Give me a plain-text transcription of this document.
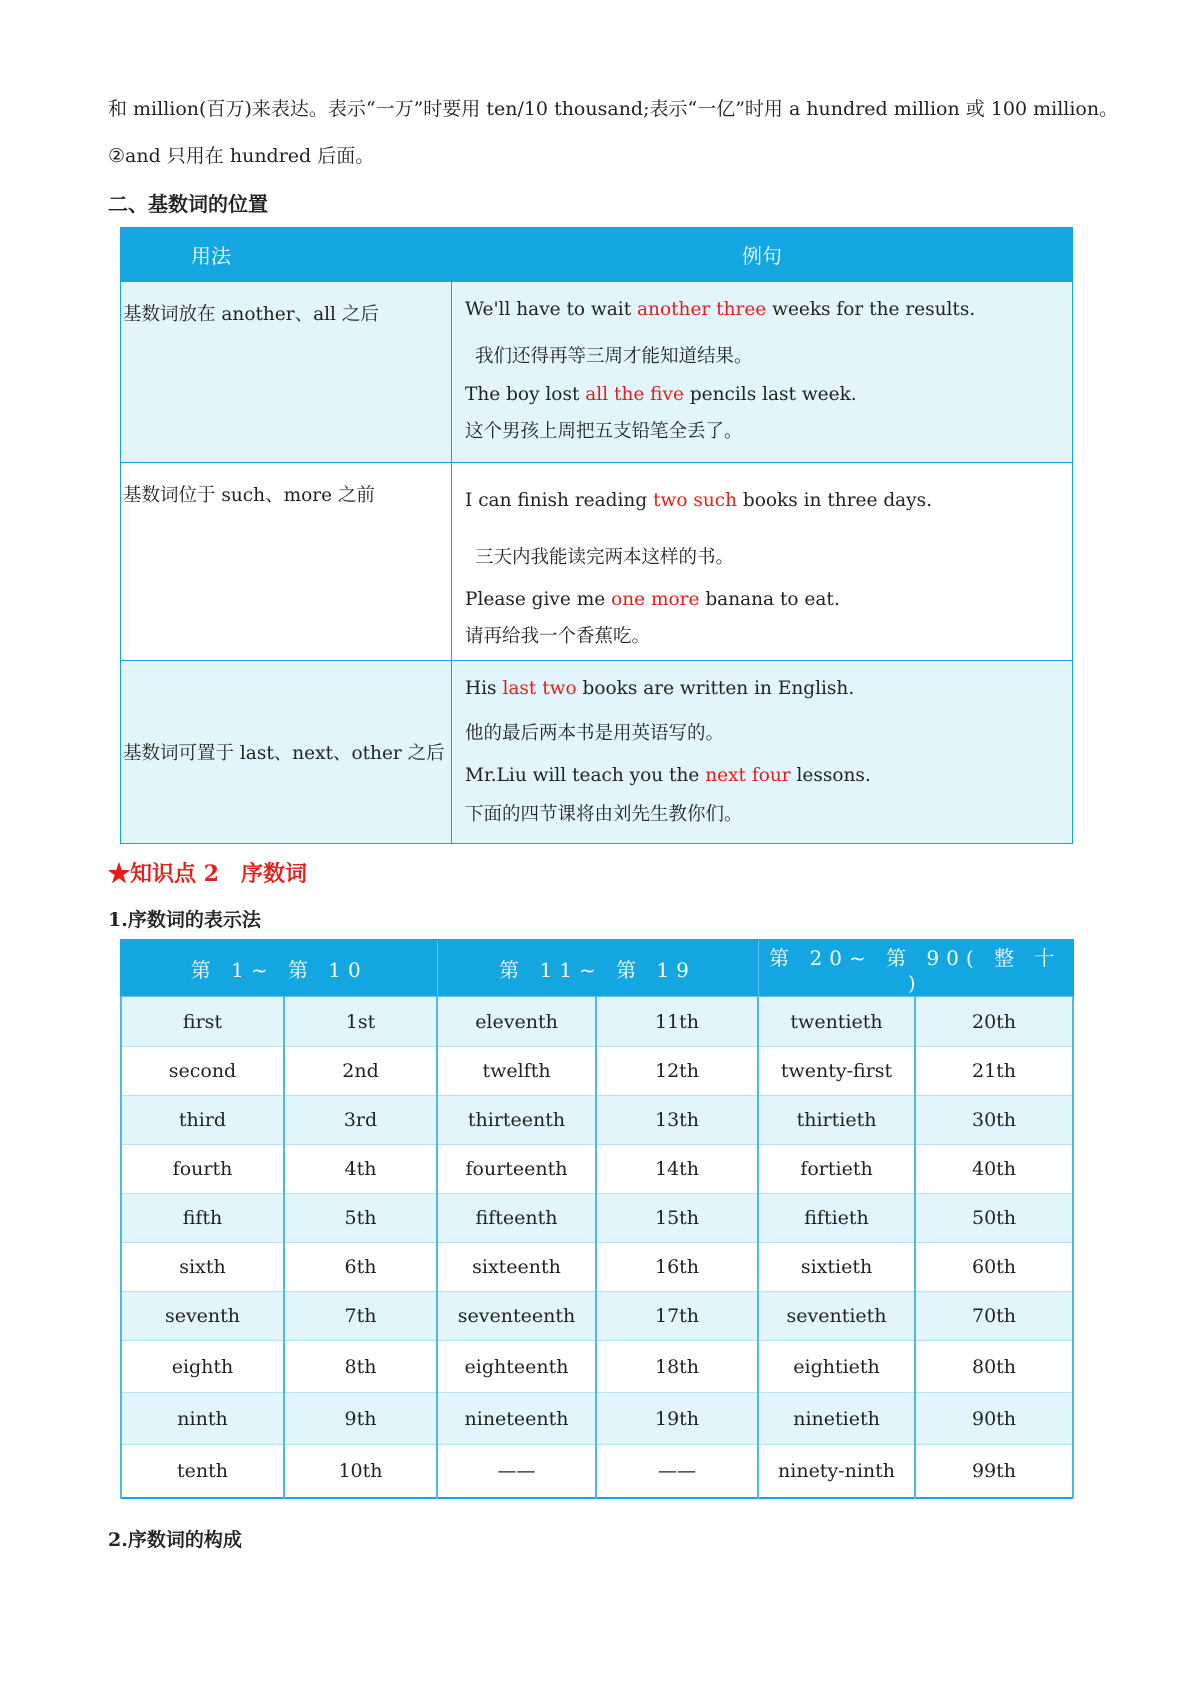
和 million(百万)来表达。表示“一万”时要用 ten/10 thousand;表示“一亿”时用 a hundred million 或 100 million。
②and 只用在 hundred 后面。
二、基数词的位置
用法	例句
基数词放在 another、all 之后	We'll have to wait another three weeks for the results.
我们还得再等三周才能知道结果。
The boy lost all the five pencils last week.
这个男孩上周把五支铅笔全丢了。

基数词位于 such、more 之前	I can finish reading two such books in three days.
三天内我能读完两本这样的书。
Please give me one more banana to eat.
请再给我一个香蕉吃。

基数词可置于 last、next、other 之后	His last two books are written in English.
他的最后两本书是用英语写的。
Mr.Liu will teach you the next four lessons.
下面的四节课将由刘先生教你们。
★知识点 2 序数词
1.序数词的表示法
第 1~ 第 10		第 11~ 第 19		第 20~ 第 90( 整 十 )	
first	1st	eleventh	11th	twentieth	20th
second	2nd	twelfth	12th	twenty-first	21th
third	3rd	thirteenth	13th	thirtieth	30th
fourth	4th	fourteenth	14th	fortieth	40th
fifth	5th	fifteenth	15th	fiftieth	50th
sixth	6th	sixteenth	16th	sixtieth	60th
seventh	7th	seventeenth	17th	seventieth	70th
eighth	8th	eighteenth	18th	eightieth	80th
ninth	9th	nineteenth	19th	ninetieth	90th
tenth	10th	——	——	ninety-ninth	99th
2.序数词的构成
